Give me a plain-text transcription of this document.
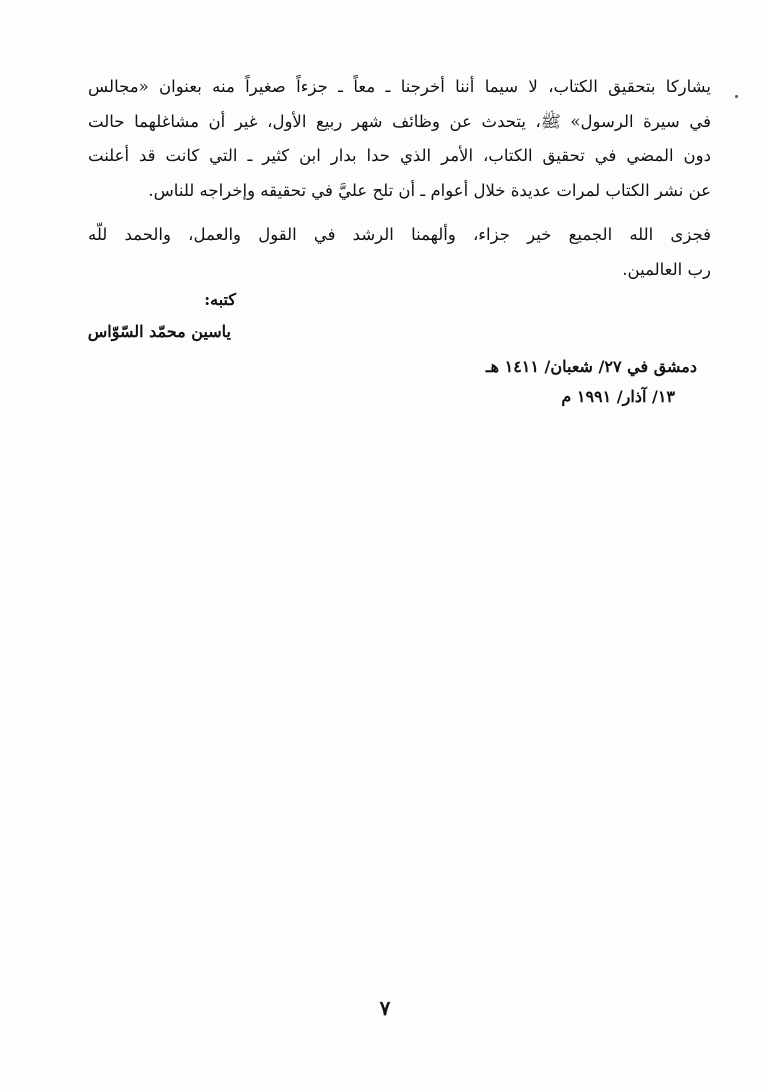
يشاركا بتحقيق الكتاب، لا سيما أننا أخرجنا ـ معاً ـ جزءاً صغيراً منه بعنوان «مجالس
في سيرة الرسول» ﷺ، يتحدث عن وظائف شهر ربيع الأول، غير أن مشاغلهما حالت
دون المضي في تحقيق الكتاب، الأمر الذي حدا بدار ابن كثير ـ التي كانت قد أعلنت
عن نشر الكتاب لمرات عديدة خلال أعوام ـ أن تلح عليَّ في تحقيقه وإخراجه للناس.
فجزى الله الجميع خير جزاء، وألهمنا الرشد في القول والعمل، والحمد للّه
رب العالمين.
كتبه:
ياسين محمّد السّوّاس
دمشق في ٢٧/ شعبان/ ١٤١١ هـ
١٣/ آذار/ ١٩٩١ م
٧
